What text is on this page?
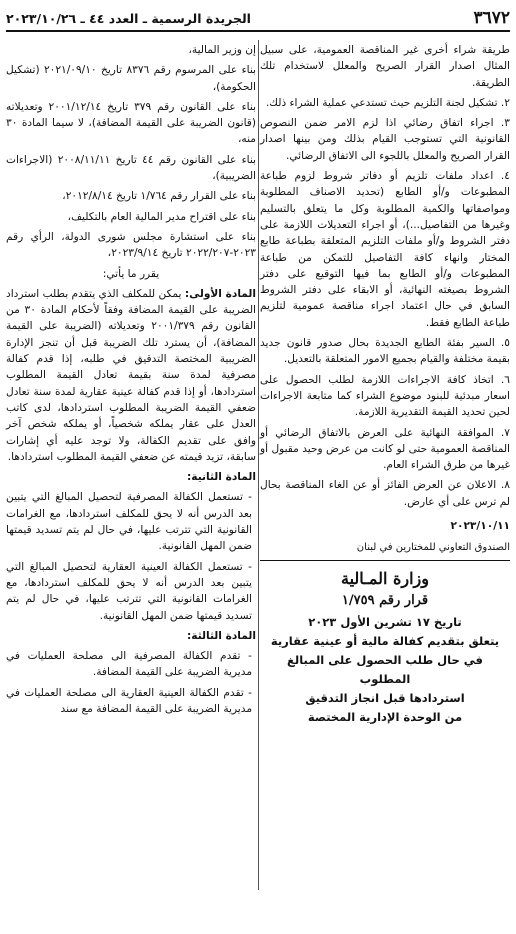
٣٦٧٢
الجريدة الرسمية ـ العدد ٤٤ ـ ٢٠٢٣/١٠/٢٦

طريقة شراء أخرى غير المناقصة العمومية، على سبيل المثال اصدار القرار الصريح والمعلل لاستخدام تلك الطريقة.

٢. تشكيل لجنة التلزيم حيث تستدعي عملية الشراء ذلك.

٣. اجراء اتفاق رضائي اذا لزم الامر ضمن النصوص القانونية التي تستوجب القيام بذلك ومن بينها اصدار القرار الصريح والمعلل باللجوء الى الاتفاق الرضائي.

٤. اعداد ملفات تلزيم أو دفاتر شروط لزوم طباعة المطبوعات و/أو الطابع (تحديد الاصناف المطلوبة ومواصفاتها والكمية المطلوبة وكل ما يتعلق بالتسليم وغيرها من التفاصيل...)، أو اجراء التعديلات اللازمة على دفتر الشروط و/أو ملفات التلزيم المتعلقة بطباعة طابع المختار وانهاء كافة التفاصيل للتمكن من طباعة المطبوعات و/أو الطابع بما فيها التوقيع على دفتر الشروط بصيغته النهائية، أو الابقاء على دفتر الشروط السابق في حال اعتماد اجراء مناقصة عمومية لتلزيم طباعة الطابع فقط.

٥. السير بفئة الطابع الجديدة بحال صدور قانون جديد بقيمة مختلفة والقيام بجميع الامور المتعلقة بالتعديل.

٦. اتخاذ كافة الاجراءات اللازمة لطلب الحصول على اسعار مبدئية للبنود موضوع الشراء كما متابعة الاجراءات لحين تحديد القيمة التقديرية اللازمة.

٧. الموافقة النهائية على العرض بالاتفاق الرضائي أو المناقصة العمومية حتى لو كانت من عرض وحيد مقبول أو غيرها من طرق الشراء العام.

٨. الاعلان عن العرض الفائز أو عن الغاء المناقصة بحال لم ترس على أي عارض.

٢٠٢٣/١٠/١١

الصندوق التعاوني للمختارين في لبنان

وزارة المـالية

قرار رقم ١/٧٥٩

تاريخ ١٧ تشرين الأول ٢٠٢٣

يتعلق بتقديم كفالة مالية أو عينية عقارية

في حال طلب الحصول على المبالغ المطلوب

استردادها قبل انجاز التدقيق

من الوحدة الإدارية المختصة

إن وزير المالية،

بناء على المرسوم رقم ٨٣٧٦ تاريخ ٢٠٢١/٠٩/١٠ (تشكيل الحكومة)،

بناء على القانون رقم ٣٧٩ تاريخ ٢٠٠١/١٢/١٤ وتعديلاته (قانون الضريبة على القيمة المضافة)، لا سيما المادة ٣٠ منه،

بناء على القانون رقم ٤٤ تاريخ ٢٠٠٨/١١/١١ (الاجراءات الضريبية)،

بناء على القرار رقم ١/٧٦٤ تاريخ ٢٠١٢/٨/١٤،

بناء على اقتراح مدير المالية العام بالتكليف،

بناء على استشارة مجلس شورى الدولة، الرأي رقم ٢٠٢٣-٢٠٢٢/٢٠٧ تاريخ ٢٠٢٣/٩/١٤،

يقرر ما يأتي:

المادة الأولى: يمكن للمكلف الذي يتقدم بطلب استرداد الضريبة على القيمة المضافة وفقاً لأحكام المادة ٣٠ من القانون رقم ٢٠٠١/٣٧٩ وتعديلاته (الضريبة على القيمة المضافة)، أن يسترد تلك الضريبة قبل أن تنجز الإدارة الضريبية المختصة التدقيق في طلبه، إذا قدم كفالة مصرفية لمدة سنة بقيمة تعادل القيمة المطلوب استردادها، أو إذا قدم كفالة عينية عقارية لمدة سنة تعادل ضعفي القيمة الضريبة المطلوب استردادها، لدى كاتب العدل على عقار يملكه شخصياً، أو يملكه شخص آخر وافق على تقديم الكفالة، ولا توجد عليه أي إشارات سابقة، تزيد قيمته عن ضعفي القيمة المطلوب استردادها.

المادة الثانية:

- تستعمل الكفالة المصرفية لتحصيل المبالغ التي يتبين بعد الدرس أنه لا يحق للمكلف استردادها، مع الغرامات القانونية التي تترتب عليها، في حال لم يتم تسديد قيمتها ضمن المهل القانونية.

- تستعمل الكفالة العينية العقارية لتحصيل المبالغ التي يتبين بعد الدرس أنه لا يحق للمكلف استردادها، مع الغرامات القانونية التي تترتب عليها، في حال لم يتم تسديد قيمتها ضمن المهل القانونية.

المادة الثالثة:

- تقدم الكفالة المصرفية الى مصلحة العمليات في مديرية الضريبة على القيمة المضافة.

- تقدم الكفالة العينية العقارية الى مصلحة العمليات في مديرية الضريبة على القيمة المضافة مع سند
